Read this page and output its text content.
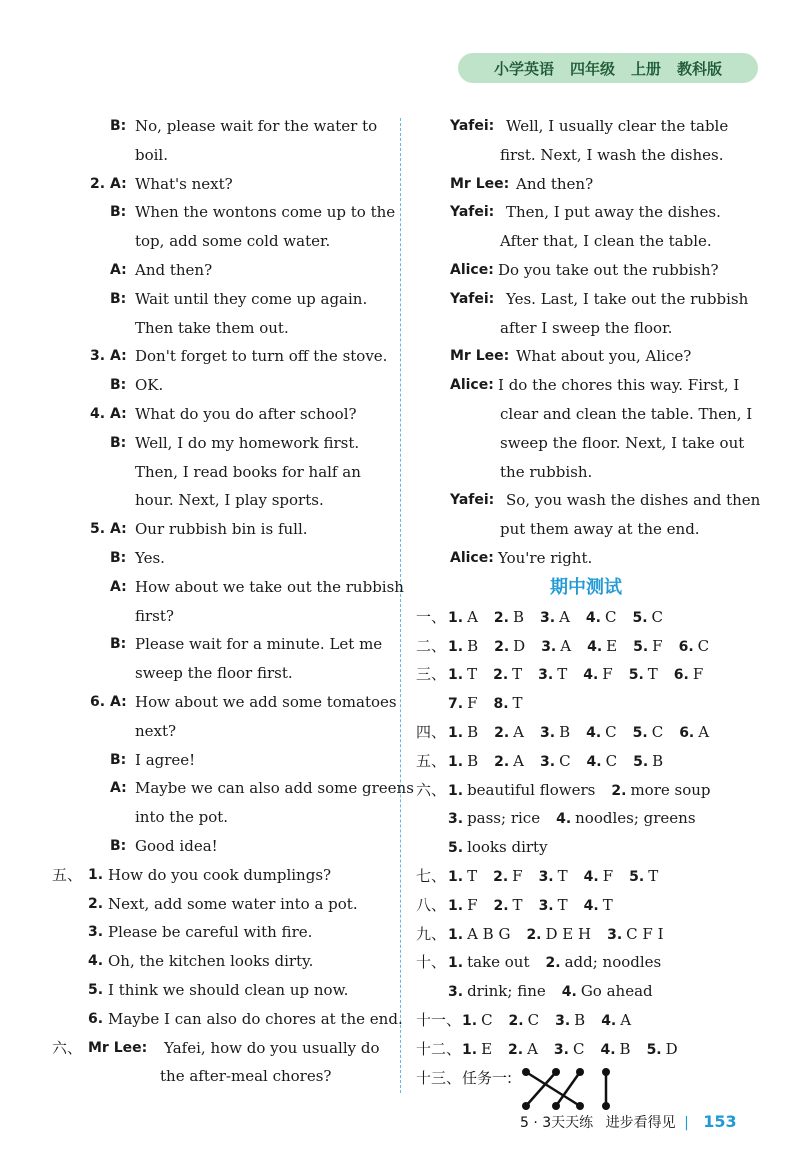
小学英语 四年级 上册 教科版
B: No, please wait for the water to
boil.
2. A: What's next?
B: When the wontons come up to the
top, add some cold water.
A: And then?
B: Wait until they come up again.
Then take them out.
3. A: Don't forget to turn off the stove.
B: OK.
4. A: What do you do after school?
B: Well, I do my homework first.
Then, I read books for half an
hour. Next, I play sports.
5. A: Our rubbish bin is full.
B: Yes.
A: How about we take out the rubbish
first?
B: Please wait for a minute. Let me
sweep the floor first.
6. A: How about we add some tomatoes
next?
B: I agree!
A: Maybe we can also add some greens
into the pot.
B: Good idea!
五、 1. How do you cook dumplings?
2. Next, add some water into a pot.
3. Please be careful with fire.
4. Oh, the kitchen looks dirty.
5. I think we should clean up now.
6. Maybe I can also do chores at the end.
六、 Mr Lee: Yafei, how do you usually do
the after-meal chores?
Yafei: Well, I usually clear the table
first. Next, I wash the dishes.
Mr Lee: And then?
Yafei: Then, I put away the dishes.
After that, I clean the table.
Alice: Do you take out the rubbish?
Yafei: Yes. Last, I take out the rubbish
after I sweep the floor.
Mr Lee: What about you, Alice?
Alice: I do the chores this way. First, I
clear and clean the table. Then, I
sweep the floor. Next, I take out
the rubbish.
Yafei: So, you wash the dishes and then
put them away at the end.
Alice: You're right.
期中测试
一、 1. A 2. B 3. A 4. C 5. C
二、 1. B 2. D 3. A 4. E 5. F 6. C
三、 1. T 2. T 3. T 4. F 5. T 6. F
7. F 8. T
四、 1. B 2. A 3. B 4. C 5. C 6. A
五、 1. B 2. A 3. C 4. C 5. B
六、 1. beautiful flowers 2. more soup
3. pass; rice 4. noodles; greens
5. looks dirty
七、 1. T 2. F 3. T 4. F 5. T
八、 1. F 2. T 3. T 4. T
九、 1. A B G 2. D E H 3. C F I
十、 1. take out 2. add; noodles
3. drink; fine 4. Go ahead
十一、 1. C 2. C 3. B 4. A
十二、 1. E 2. A 3. C 4. B 5. D
十三、 任务一:
5 · 3天天练 进步看得见 | 153
